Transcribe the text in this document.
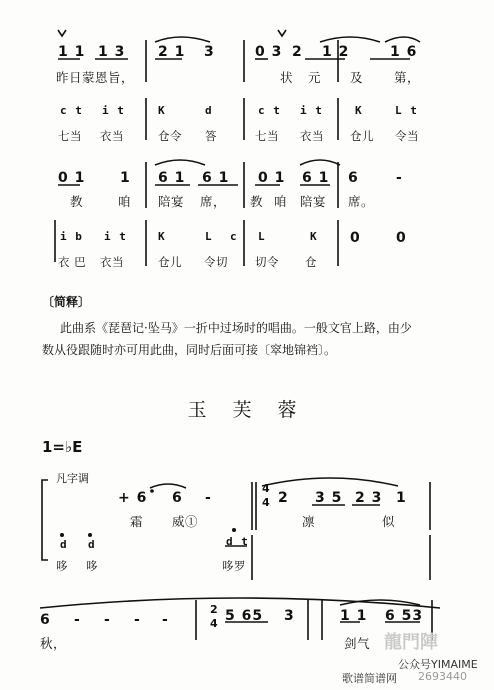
1 1 1 3 2 1 3	0 3 2 1 2	1 6
昨日蒙恩旨，	状 元 及 第，
c t i t	K	d	c t i t	K	L t
七当 衣当	仓令 答	七当 衣当 仓儿 令当
0 1 1 6 1 6 1 0 1 6 1 6	-
教	咱 陪宴 席， 教 咱 陪宴 席。
i b i t	K	L c L	K 0	0
衣 巴 衣当	仓儿 令切 切令 仓
〔简释〕
此曲系《琵琶记·坠马》一折中过场时的唱曲。一般文官上路，由少
数从役跟随时亦可用此曲，同时后面可接〔窣地锦裆〕。
玉 芙 蓉
1=♭E
凡字调
+ 6 6 -
4
4 2 3 5 2 3 1
霜 威①	凛	似
d d	d t
哆 哆	哆罗
6 - - - -
2
4 5 65 3	1 1 6 53
秋，	剑气 龍門陣
公众号YIMAIME
歌谱简谱网 2693440
